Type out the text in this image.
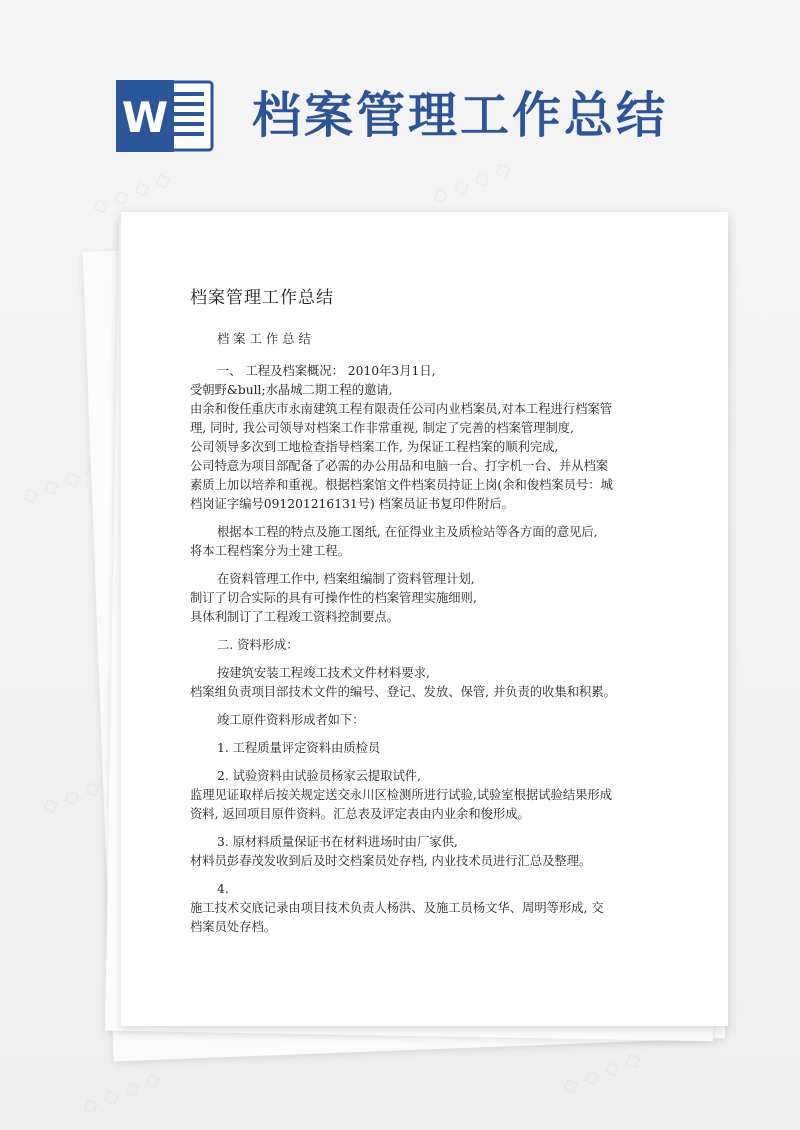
W 档案管理工作总结
档案管理工作总结

档案工作总结

一、 工程及档案概况： 2010年3月1日,
受朝野&bull;水晶城二期工程的邀请,
由余和俊任重庆市永南建筑工程有限责任公司内业档案员,对本工程进行档案管
理, 同时, 我公司领导对档案工作非常重视, 制定了完善的档案管理制度,
公司领导多次到工地检查指导档案工作, 为保证工程档案的顺利完成,
公司特意为项目部配备了必需的办公用品和电脑一台、打字机一台、并从档案
素质上加以培养和重视。根据档案馆文件档案员持证上岗(余和俊档案员号：城
档岗证字编号091201216131号) 档案员证书复印件附后。

根据本工程的特点及施工图纸, 在征得业主及质检站等各方面的意见后,
将本工程档案分为土建工程。

在资料管理工作中, 档案组编制了资料管理计划,
制订了切合实际的具有可操作性的档案管理实施细则,
具体利制订了工程竣工资料控制要点。

二. 资料形成：

按建筑安装工程竣工技术文件材料要求,
档案组负责项目部技术文件的编号、登记、发放、保管, 并负责的收集和积累。

竣工原件资料形成者如下：

1. 工程质量评定资料由质检员

2. 试验资料由试验员杨家云提取试件,
监理见证取样后按关规定送交永川区检测所进行试验,试验室根据试验结果形成
资料, 返回项目原件资料。汇总表及评定表由内业余和俊形成。

3. 原材料质量保证书在材料进场时由厂家供,
材料员彭春茂发收到后及时交档案员处存档, 内业技术员进行汇总及整理。

4.
施工技术交底记录由项目技术负责人杨洪、及施工员杨文华、周明等形成, 交
档案员处存档。
